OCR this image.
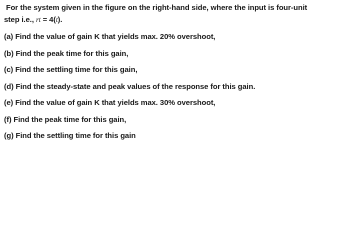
For the system given in the figure on the right-hand side, where the input is four-unit
step i.e., rt = 4(t).
(a) Find the value of gain K that yields max. 20% overshoot,
(b) Find the peak time for this gain,
(c) Find the settling time for this gain,
(d) Find the steady-state and peak values of the response for this gain.
(e) Find the value of gain K that yields max. 30% overshoot,
(f) Find the peak time for this gain,
(g) Find the settling time for this gain
